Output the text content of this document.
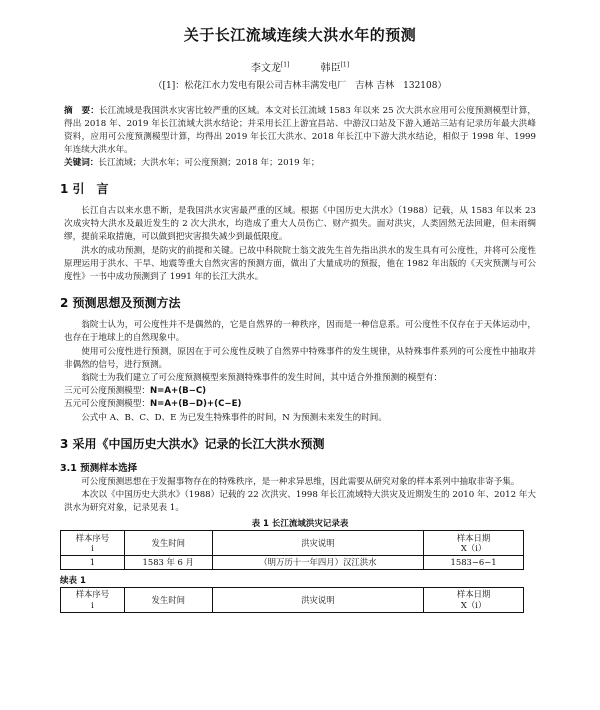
关于长江流域连续大洪水年的预测
李文龙[1]	韩臣[1]
（[1]：松花江水力发电有限公司吉林丰满发电厂　吉林 吉林　132108）
摘　要：长江流域是我国洪水灾害比较严重的区域。本文对长江流域 1583 年以来 25 次大洪水应用可公度预测模型计算，得出 2018 年、2019 年长江流域大洪水结论；并采用长江上游宜昌站、中游汉口站及下游入通站三站有记录历年最大洪峰资料，应用可公度预测模型计算，均得出 2019 年长江大洪水、2018 年长江中下游大洪水结论，相似于 1998 年、1999 年连续大洪水年。
关键词：长江流域；大洪水年；可公度预测；2018 年；2019 年；
1 引　言

长江自古以来水患不断，是我国洪水灾害最严重的区域。根据《中国历史大洪水》（1988）记载，从 1583 年以来 23 次成灾特大洪水及最近发生的 2 次大洪水，均造成了重大人员伤亡、财产损失。面对洪灾，人类固然无法回避，但未雨绸缪，提前采取措施，可以做到把灾害损失减少到最低限度。

洪水的成功预测，是防灾的前提和关键。已故中科院院士翁文波先生首先指出洪水的发生具有可公度性，并将可公度性原理运用于洪水、干旱、地震等重大自然灾害的预测方面，做出了大量成功的预报，他在 1982 年出版的《天灾预测与可公度性》一书中成功预测到了 1991 年的长江大洪水。

2 预测思想及预测方法

翁院士认为，可公度性并不是偶然的，它是自然界的一种秩序，因而是一种信息系。可公度性不仅存在于天体运动中，也存在于地球上的自然现象中。

使用可公度性进行预测，原因在于可公度性反映了自然界中特殊事件的发生规律，从特殊事件系列的可公度性中抽取并非偶然的信号，进行预测。

翁院士为我们建立了可公度预测模型来预测特殊事件的发生时间，其中适合外推预测的模型有：

三元可公度预测模型：N=A+(B−C)

五元可公度预测模型：N=A+(B−D)+(C−E)

公式中 A、B、C、D、E 为已发生特殊事件的时间，N 为预测未来发生的时间。

3 采用《中国历史大洪水》记录的长江大洪水预测
3.1 预测样本选择

可公度预测思想在于发掘事物存在的特殊秩序，是一种求异思维，因此需要从研究对象的样本系列中抽取非寄予集。

本次以《中国历史大洪水》（1988）记载的 22 次洪灾、1998 年长江流域特大洪灾及近期发生的 2010 年、2012 年大洪水为研究对象，记录见表 1。

表 1 长江流域洪灾记录表
样本序号
i	发生时间	洪灾说明	样本日期
X（i）
1	1583 年 6 月	（明万历十一年四月）汉江洪水	1583−6−1
续表 1
样本序号
i	发生时间	洪灾说明	样本日期
X（i）
